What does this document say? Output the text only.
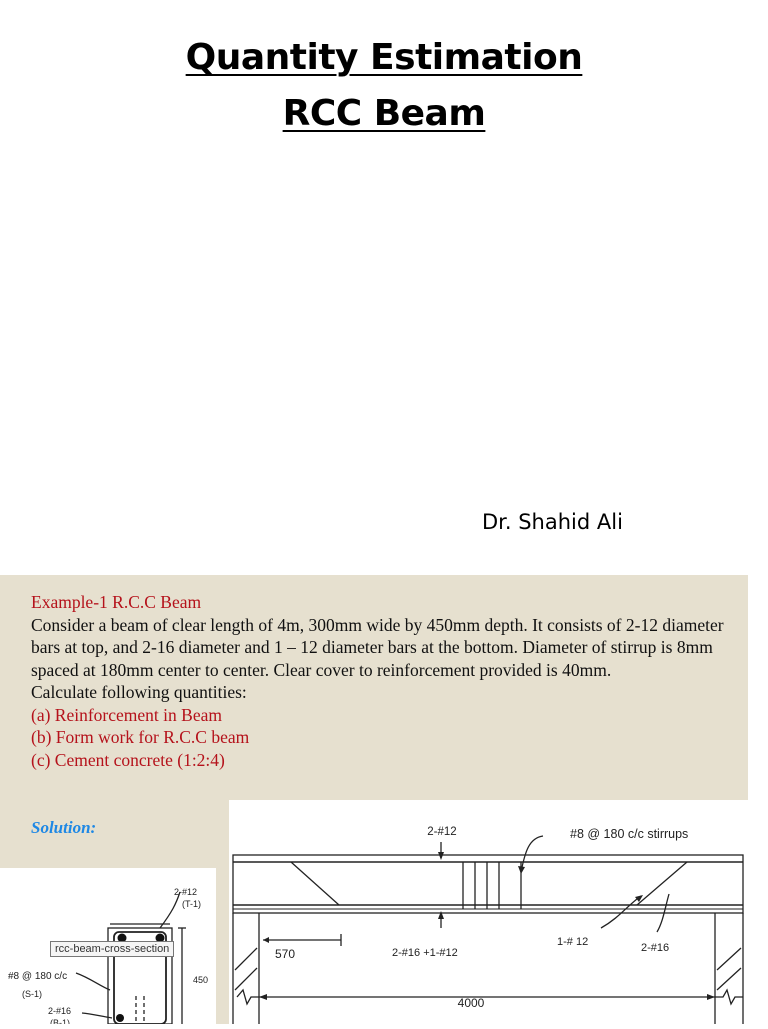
Quantity Estimation
RCC Beam
Dr. Shahid Ali
Example-1 R.C.C Beam
Consider a beam of clear length of 4m, 300mm wide by 450mm depth. It consists of 2-12 diameter bars at top, and 2-16 diameter and 1 – 12 diameter bars at the bottom. Diameter of stirrup is 8mm spaced at 180mm center to center. Clear cover to reinforcement provided is 40mm.
Calculate following quantities:
(a) Reinforcement in Beam
(b) Form work for R.C.C beam
(c) Cement concrete (1:2:4)
Solution:	2-#12	#8 @ 180 c/c stirrups
570	2-#16 +1-#12
1-# 12	2-#16
4000
2-#12
(T-1)
#8 @ 180 c/c
(S-1)
450
2-#16
(B-1)
rcc-beam-cross-section
